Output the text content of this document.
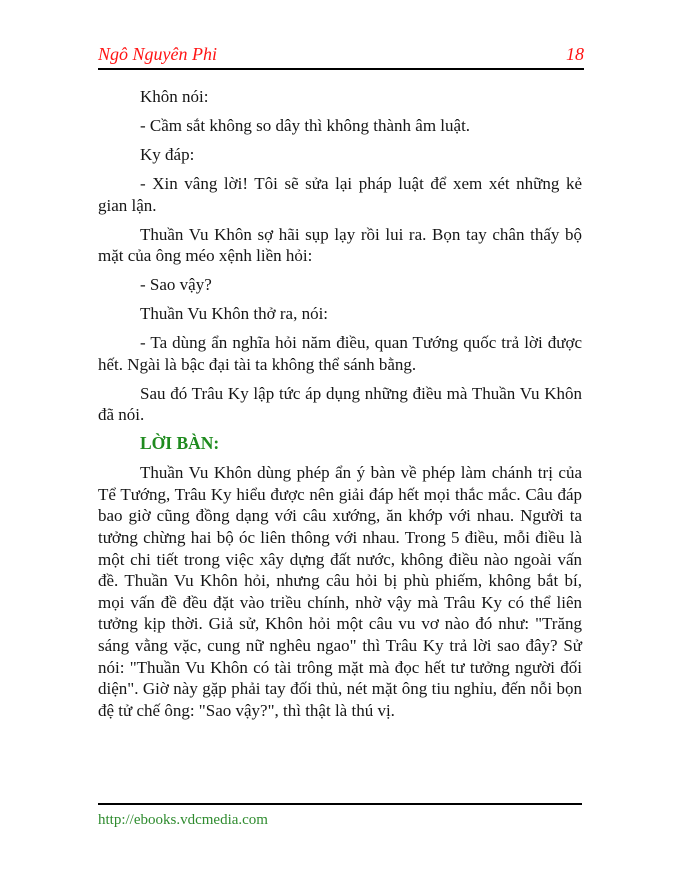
Ngô Nguyên Phi	18

Khôn nói:

- Cầm sắt không so dây thì không thành âm luật.

Ky đáp:

- Xin vâng lời! Tôi sẽ sửa lại pháp luật để xem xét những kẻ gian lận.

Thuần Vu Khôn sợ hãi sụp lạy rồi lui ra. Bọn tay chân thấy bộ mặt của ông méo xệnh liền hỏi:

- Sao vậy?

Thuần Vu Khôn thở ra, nói:

- Ta dùng ẩn nghĩa hỏi năm điều, quan Tướng quốc trả lời được hết. Ngài là bậc đại tài ta không thể sánh bằng.

Sau đó Trâu Ky lập tức áp dụng những điều mà Thuần Vu Khôn đã nói.

LỜI BÀN:

Thuần Vu Khôn dùng phép ẩn ý bàn về phép làm chánh trị của Tể Tướng, Trâu Ky hiểu được nên giải đáp hết mọi thắc mắc. Câu đáp bao giờ cũng đồng dạng với câu xướng, ăn khớp với nhau. Người ta tưởng chừng hai bộ óc liên thông với nhau. Trong 5 điều, mỗi điều là một chi tiết trong việc xây dựng đất nước, không điều nào ngoài vấn đề. Thuần Vu Khôn hỏi, nhưng câu hỏi bị phù phiếm, không bắt bí, mọi vấn đề đều đặt vào triều chính, nhờ vậy mà Trâu Ky có thể liên tưởng kịp thời. Giả sử, Khôn hỏi một câu vu vơ nào đó như: "Trăng sáng vằng vặc, cung nữ nghêu ngao" thì Trâu Ky trả lời sao đây? Sử nói: "Thuần Vu Khôn có tài trông mặt mà đọc hết tư tưởng người đối diện". Giờ này gặp phải tay đối thủ, nét mặt ông tiu nghỉu, đến nỗi bọn đệ tử chế ông: "Sao vậy?", thì thật là thú vị.

http://ebooks.vdcmedia.com
